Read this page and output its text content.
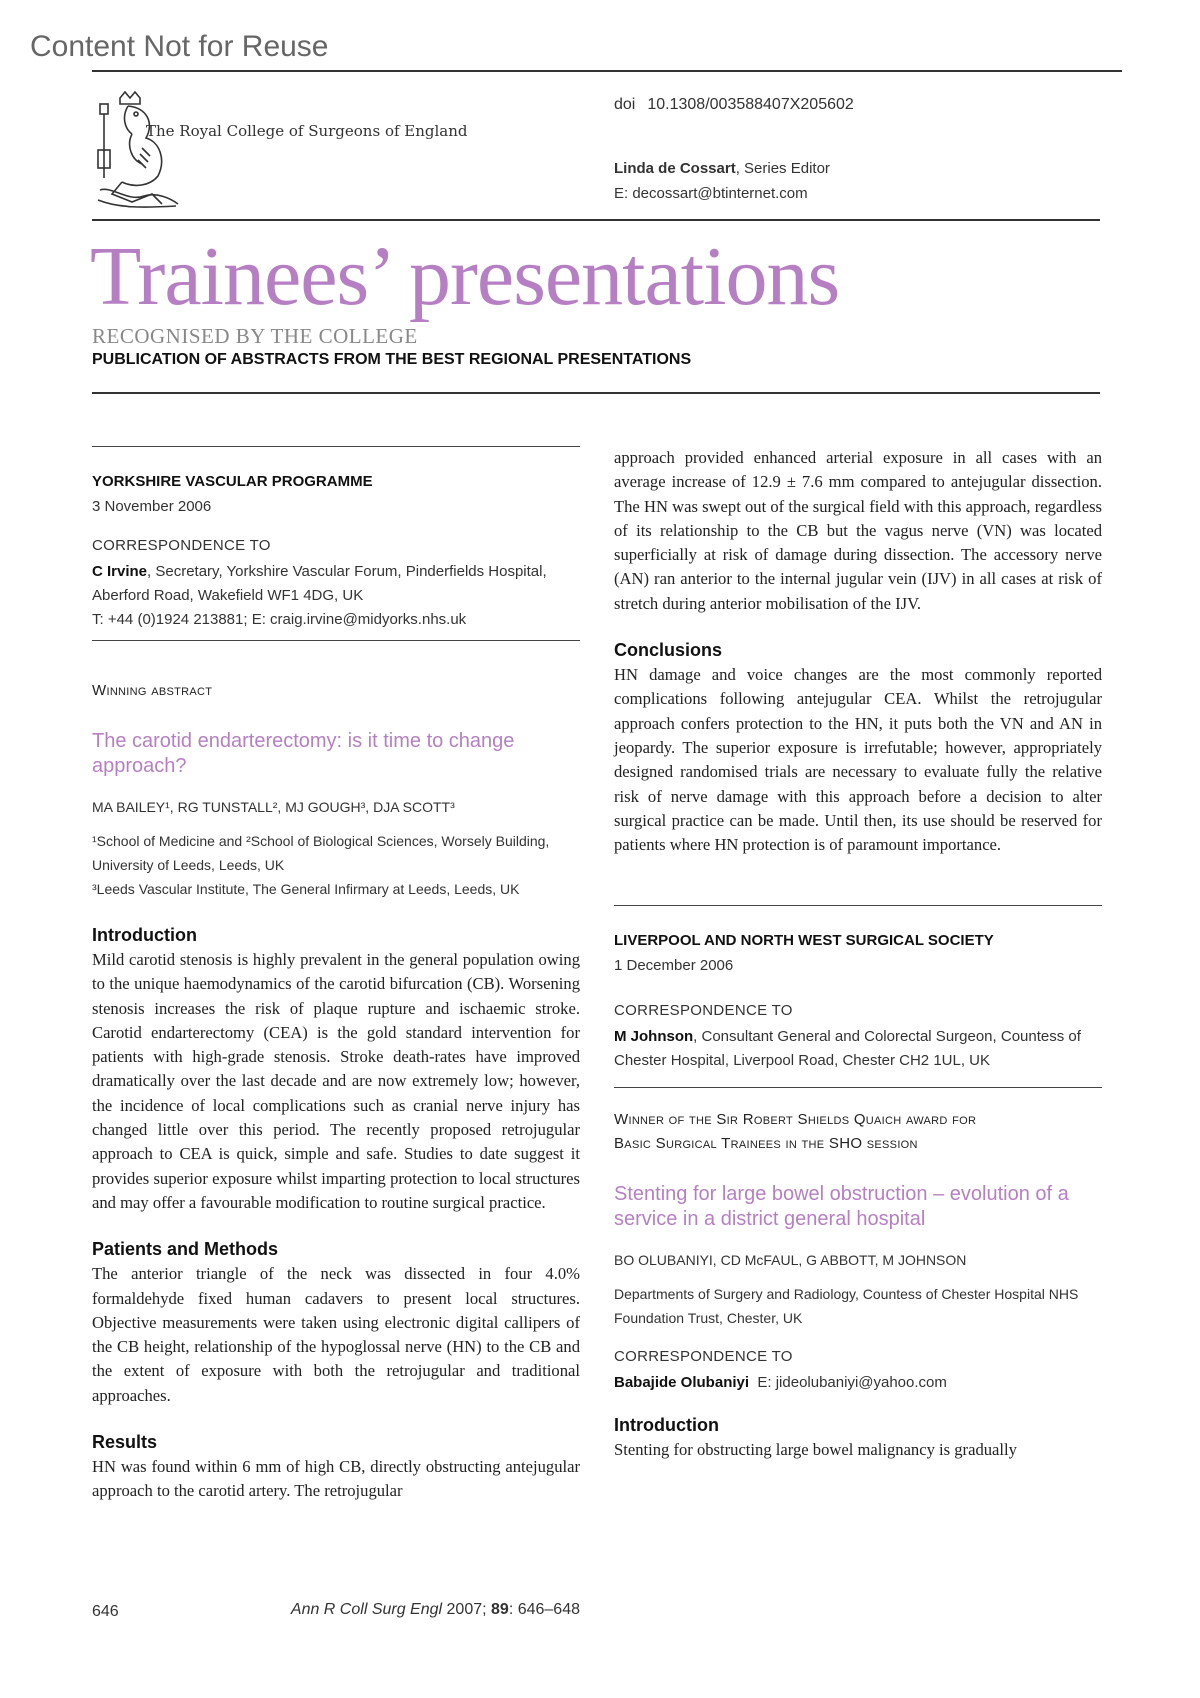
Content Not for Reuse
The Royal College of Surgeons of England
doi 10.1308/003588407X205602
Linda de Cossart, Series Editor
E: decossart@btinternet.com
Trainees’ presentations
RECOGNISED BY THE COLLEGE
PUBLICATION OF ABSTRACTS FROM THE BEST REGIONAL PRESENTATIONS
YORKSHIRE VASCULAR PROGRAMME
3 November 2006
CORRESPONDENCE TO
C Irvine, Secretary, Yorkshire Vascular Forum, Pinderfields Hospital,
Aberford Road, Wakefield WF1 4DG, UK
T: +44 (0)1924 213881; E: craig.irvine@midyorks.nhs.uk
Winning abstract
The carotid endarterectomy: is it time to change approach?
MA BAILEY¹, RG TUNSTALL², MJ GOUGH³, DJA SCOTT³
¹School of Medicine and ²School of Biological Sciences, Worsely Building, University of Leeds, Leeds, UK
³Leeds Vascular Institute, The General Infirmary at Leeds, Leeds, UK
Introduction
Mild carotid stenosis is highly prevalent in the general population owing to the unique haemodynamics of the carotid bifurcation (CB). Worsening stenosis increases the risk of plaque rupture and ischaemic stroke. Carotid endarterectomy (CEA) is the gold standard intervention for patients with high-grade stenosis. Stroke death-rates have improved dramatically over the last decade and are now extremely low; however, the incidence of local complications such as cranial nerve injury has changed little over this period. The recently proposed retrojugular approach to CEA is quick, simple and safe. Studies to date suggest it provides superior exposure whilst imparting protection to local structures and may offer a favourable modification to routine surgical practice.
Patients and Methods
The anterior triangle of the neck was dissected in four 4.0% formaldehyde fixed human cadavers to present local structures. Objective measurements were taken using electronic digital callipers of the CB height, relationship of the hypoglossal nerve (HN) to the CB and the extent of exposure with both the retrojugular and traditional approaches.
Results
HN was found within 6 mm of high CB, directly obstructing antejugular approach to the carotid artery. The retrojugular
approach provided enhanced arterial exposure in all cases with an average increase of 12.9 ± 7.6 mm compared to antejugular dissection. The HN was swept out of the surgical field with this approach, regardless of its relationship to the CB but the vagus nerve (VN) was located superficially at risk of damage during dissection. The accessory nerve (AN) ran anterior to the internal jugular vein (IJV) in all cases at risk of stretch during anterior mobilisation of the IJV.
Conclusions
HN damage and voice changes are the most commonly reported complications following antejugular CEA. Whilst the retrojugular approach confers protection to the HN, it puts both the VN and AN in jeopardy. The superior exposure is irrefutable; however, appropriately designed randomised trials are necessary to evaluate fully the relative risk of nerve damage with this approach before a decision to alter surgical practice can be made. Until then, its use should be reserved for patients where HN protection is of paramount importance.
LIVERPOOL AND NORTH WEST SURGICAL SOCIETY
1 December 2006
CORRESPONDENCE TO
M Johnson, Consultant General and Colorectal Surgeon, Countess of
Chester Hospital, Liverpool Road, Chester CH2 1UL, UK
Winner of the Sir Robert Shields Quaich award for
Basic Surgical Trainees in the SHO session
Stenting for large bowel obstruction – evolution of a service in a district general hospital
BO OLUBANIYI, CD McFAUL, G ABBOTT, M JOHNSON
Departments of Surgery and Radiology, Countess of Chester Hospital NHS Foundation Trust, Chester, UK
CORRESPONDENCE TO
Babajide Olubaniyi E: jideolubaniyi@yahoo.com
Introduction
Stenting for obstructing large bowel malignancy is gradually
646	Ann R Coll Surg Engl 2007; 89: 646–648
